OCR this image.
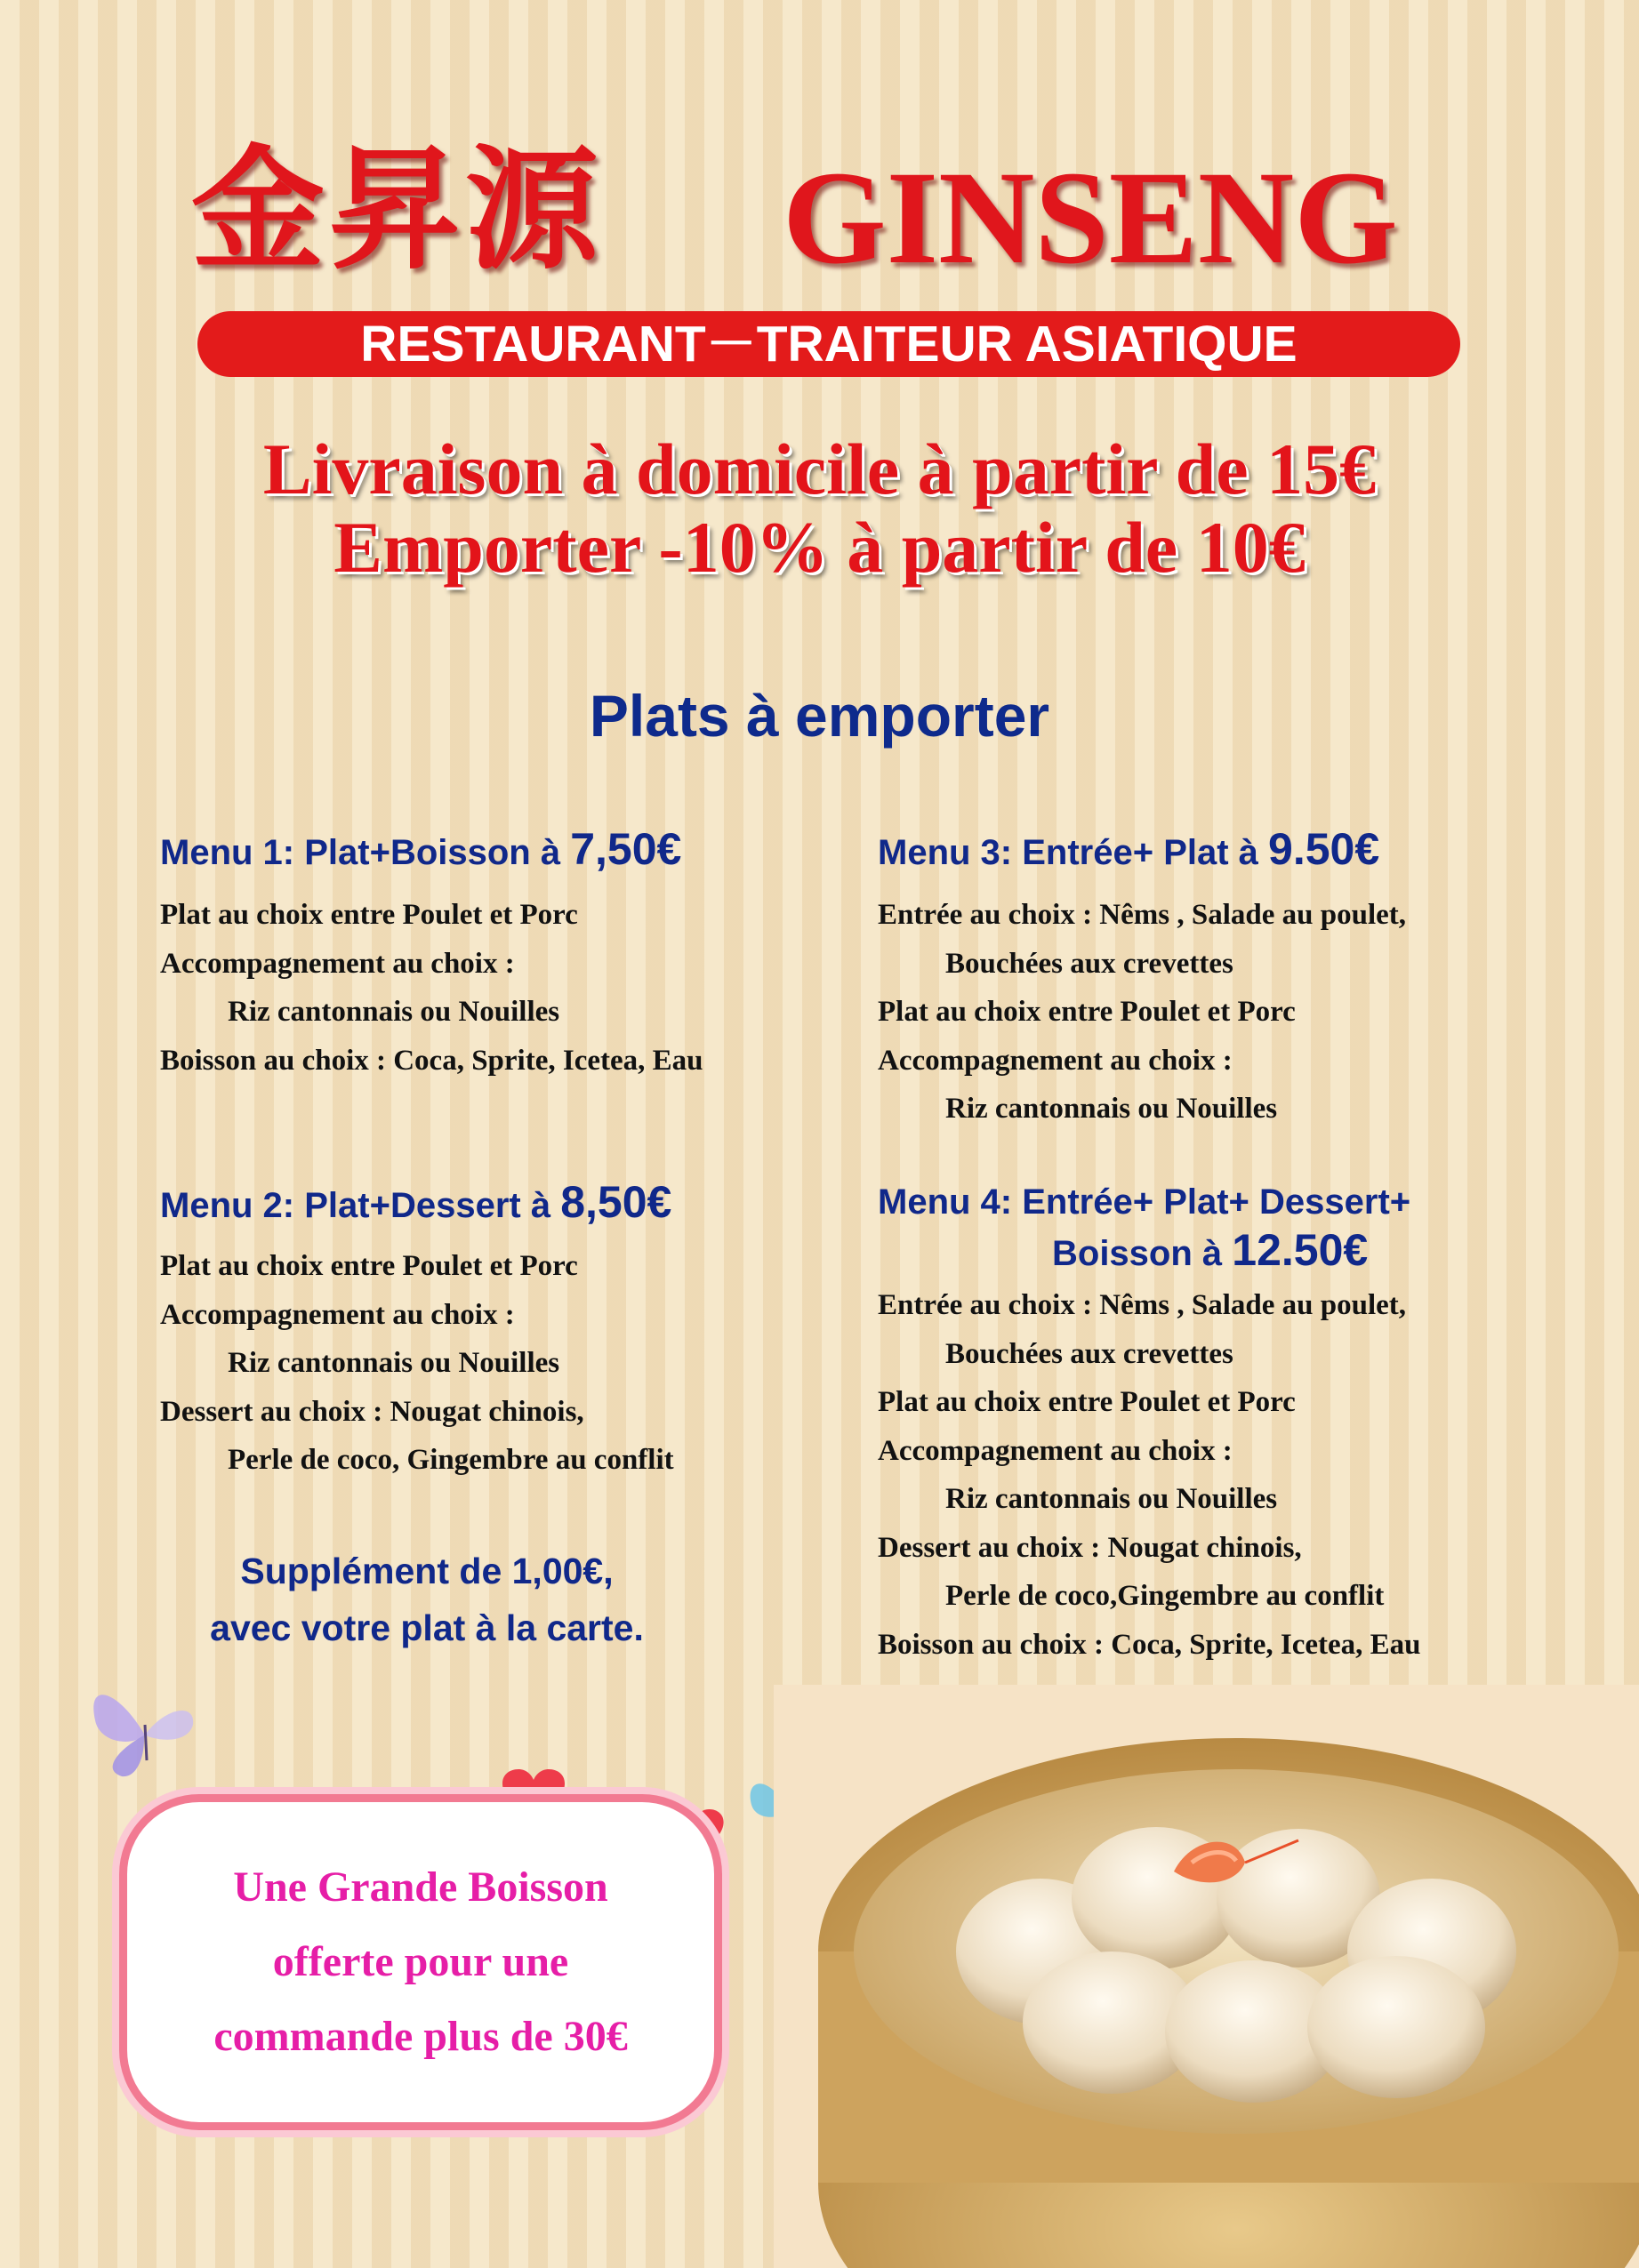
金昇源 GINSENG
RESTAURANT－TRAITEUR ASIATIQUE
Livraison à domicile à partir de 15€
Emporter -10% à partir de 10€
Plats à emporter
Menu 1: Plat+Boisson à 7,50€
Plat au choix entre Poulet et Porc
Accompagnement au choix :
Riz cantonnais ou Nouilles
Boisson au choix : Coca, Sprite, Icetea, Eau
Menu 2: Plat+Dessert à 8,50€
Plat au choix entre Poulet et Porc
Accompagnement au choix :
Riz cantonnais ou Nouilles
Dessert au choix : Nougat chinois,
Perle de coco, Gingembre au conflit
Menu 3: Entrée+ Plat à 9.50€
Entrée au choix : Nêms , Salade au poulet,
Bouchées aux crevettes
Plat au choix entre Poulet et Porc
Accompagnement au choix :
Riz cantonnais ou Nouilles
Menu 4: Entrée+ Plat+ Dessert+
Boisson à 12.50€
Entrée au choix : Nêms , Salade au poulet,
Bouchées aux crevettes
Plat au choix entre Poulet et Porc
Accompagnement au choix :
Riz cantonnais ou Nouilles
Dessert au choix : Nougat chinois,
Perle de coco,Gingembre au conflit
Boisson au choix : Coca, Sprite, Icetea, Eau
Supplément de 1,00€,
avec votre plat à la carte.
Une Grande Boisson
offerte pour une
commande plus de 30€
